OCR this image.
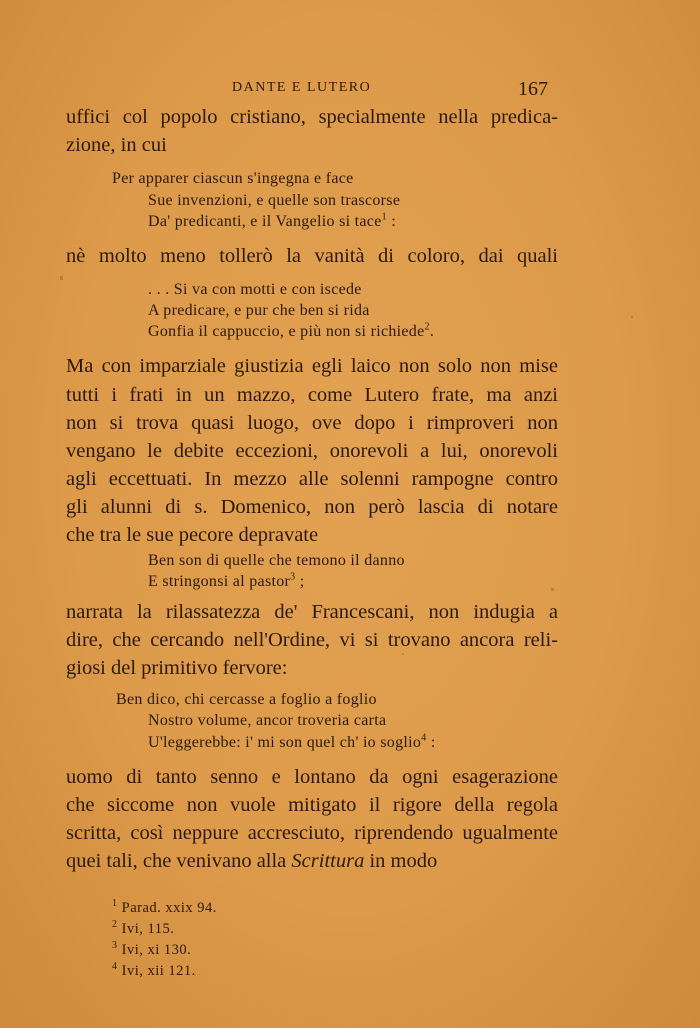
DANTE E LUTERO	167
uffici col popolo cristiano, specialmente nella predica-
zione, in cui
Per apparer ciascun s'ingegna e face
Sue invenzioni, e quelle son trascorse
Da' predicanti, e il Vangelio si tace$^1$ :
nè molto meno tollerò la vanità di coloro, dai quali
. . . Si va con motti e con iscede
A predicare, e pur che ben si rida
Gonfia il cappuccio, e più non si richiede$^2$.
Ma con imparziale giustizia egli laico non solo non mise
tutti i frati in un mazzo, come Lutero frate, ma anzi
non si trova quasi luogo, ove dopo i rimproveri non
vengano le debite eccezioni, onorevoli a lui, onorevoli
agli eccettuati. In mezzo alle solenni rampogne contro
gli alunni di s. Domenico, non però lascia di notare
che tra le sue pecore depravate
Ben son di quelle che temono il danno
E stringonsi al pastor$^3$ ;
narrata la rilassatezza de' Francescani, non indugia a
dire, che cercando nell'Ordine, vi si trovano ancora reli-
giosi del primitivo fervore:
Ben dico, chi cercasse a foglio a foglio
Nostro volume, ancor troveria carta
U'leggerebbe: i' mi son quel ch' io soglio$^4$ :
uomo di tanto senno e lontano da ogni esagerazione
che siccome non vuole mitigato il rigore della regola
scritta, così neppure accresciuto, riprendendo ugualmente
quei tali, che venivano alla Scrittura in modo
$^1$ Parad. xxix 94.
$^2$ Ivi, 115.
$^3$ Ivi, xi 130.
$^4$ Ivi, xii 121.
